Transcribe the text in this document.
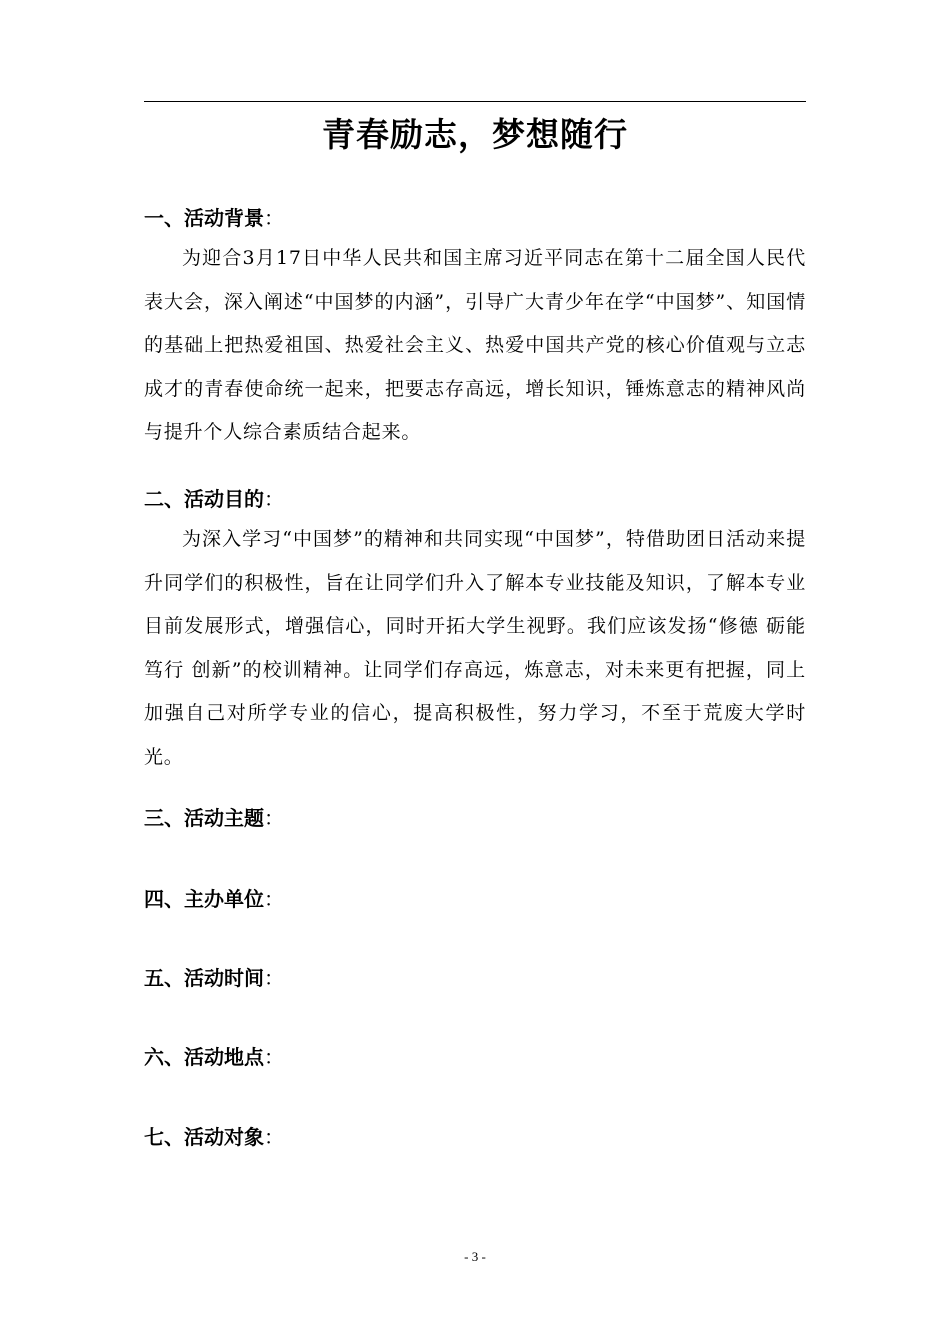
青春励志，梦想随行
一、活动背景：

为迎合3月17日中华人民共和国主席习近平同志在第十二届全国人民代表大会，深入阐述“中国梦的内涵”，引导广大青少年在学“中国梦”、知国情的基础上把热爱祖国、热爱社会主义、热爱中国共产党的核心价值观与立志成才的青春使命统一起来，把要志存高远，增长知识，锤炼意志的精神风尚与提升个人综合素质结合起来。

二、活动目的：

为深入学习“中国梦”的精神和共同实现“中国梦”，特借助团日活动来提升同学们的积极性，旨在让同学们升入了解本专业技能及知识，了解本专业目前发展形式，增强信心，同时开拓大学生视野。我们应该发扬“修德 砺能 笃行 创新”的校训精神。让同学们存高远，炼意志，对未来更有把握，同上加强自己对所学专业的信心，提高积极性，努力学习，不至于荒废大学时光。

三、活动主题：
四、主办单位：
五、活动时间：
六、活动地点：
七、活动对象：
- 3 -
